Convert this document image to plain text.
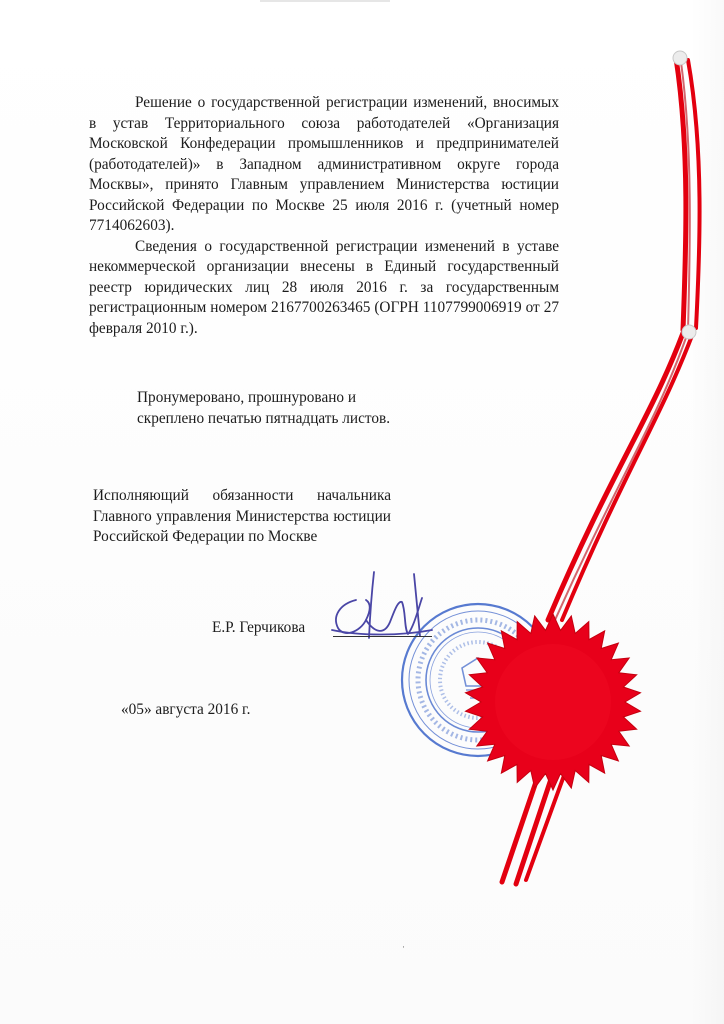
Решение о государственной регистрации изменений, вносимых в устав Территориального союза работодателей «Организация Московской Конфедерации промышленников и предпринимателей (работодателей)» в Западном административном округе города Москвы», принято Главным управлением Министерства юстиции Российской Федерации по Москве 25 июля 2016 г. (учетный номер 7714062603).

Сведения о государственной регистрации изменений в уставе некоммерческой организации внесены в Единый государственный реестр юридических лиц 28 июля 2016 г. за государственным регистрационным номером 2167700263465 (ОГРН 1107799006919 от 27 февраля 2010 г.).

Пронумеровано, прошнуровано и
скреплено печатью пятнадцать листов.
Исполняющий обязанности начальника Главного управления Министерства юстиции Российской Федерации по Москве
Е.Р. Герчикова
«05» августа 2016 г.
·
